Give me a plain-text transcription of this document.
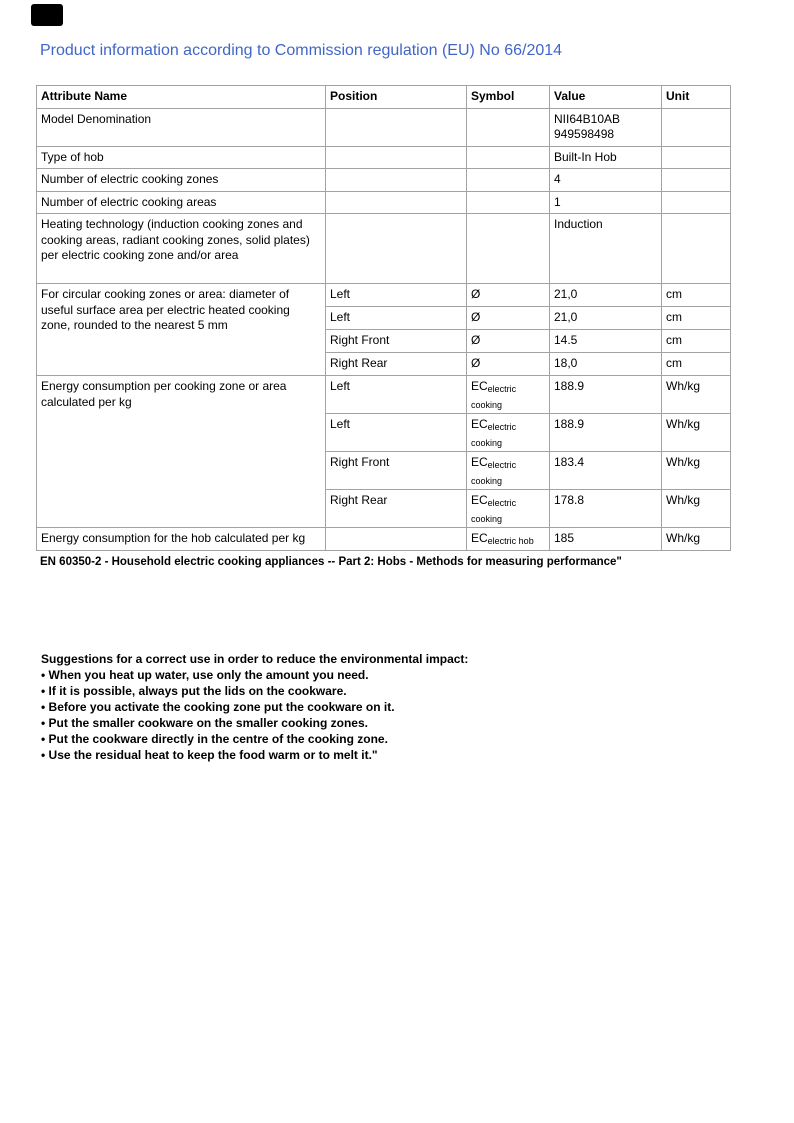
Product information according to Commission regulation (EU) No 66/2014
Attribute Name	Position	Symbol	Value	Unit
Model Denomination			NII64B10AB 949598498	
Type of hob			Built-In Hob	
Number of electric cooking zones			4	
Number of electric cooking areas			1	
Heating technology (induction cooking zones and cooking areas, radiant cooking zones, solid plates) per electric cooking zone and/or area			Induction	
For circular cooking zones or area: diameter of useful surface area per electric heated cooking zone, rounded to the nearest 5 mm	Left	Ø	21,0	cm
	Left	Ø	21,0	cm
	Right Front	Ø	14.5	cm
	Right Rear	Ø	18,0	cm
Energy consumption per cooking zone or area calculated per kg	Left	ECelectric cooking	188.9	Wh/kg
	Left	ECelectric cooking	188.9	Wh/kg
	Right Front	ECelectric cooking	183.4	Wh/kg
	Right Rear	ECelectric cooking	178.8	Wh/kg
Energy consumption for the hob calculated per kg		ECelectric hob	185	Wh/kg

EN 60350-2 - Household electric cooking appliances -- Part 2: Hobs - Methods for measuring performance"

Suggestions for a correct use in order to reduce the environmental impact:
• When you heat up water, use only the amount you need.
• If it is possible, always put the lids on the cookware.
• Before you activate the cooking zone put the cookware on it.
• Put the smaller cookware on the smaller cooking zones.
• Put the cookware directly in the centre of the cooking zone.
• Use the residual heat to keep the food warm or to melt it."
